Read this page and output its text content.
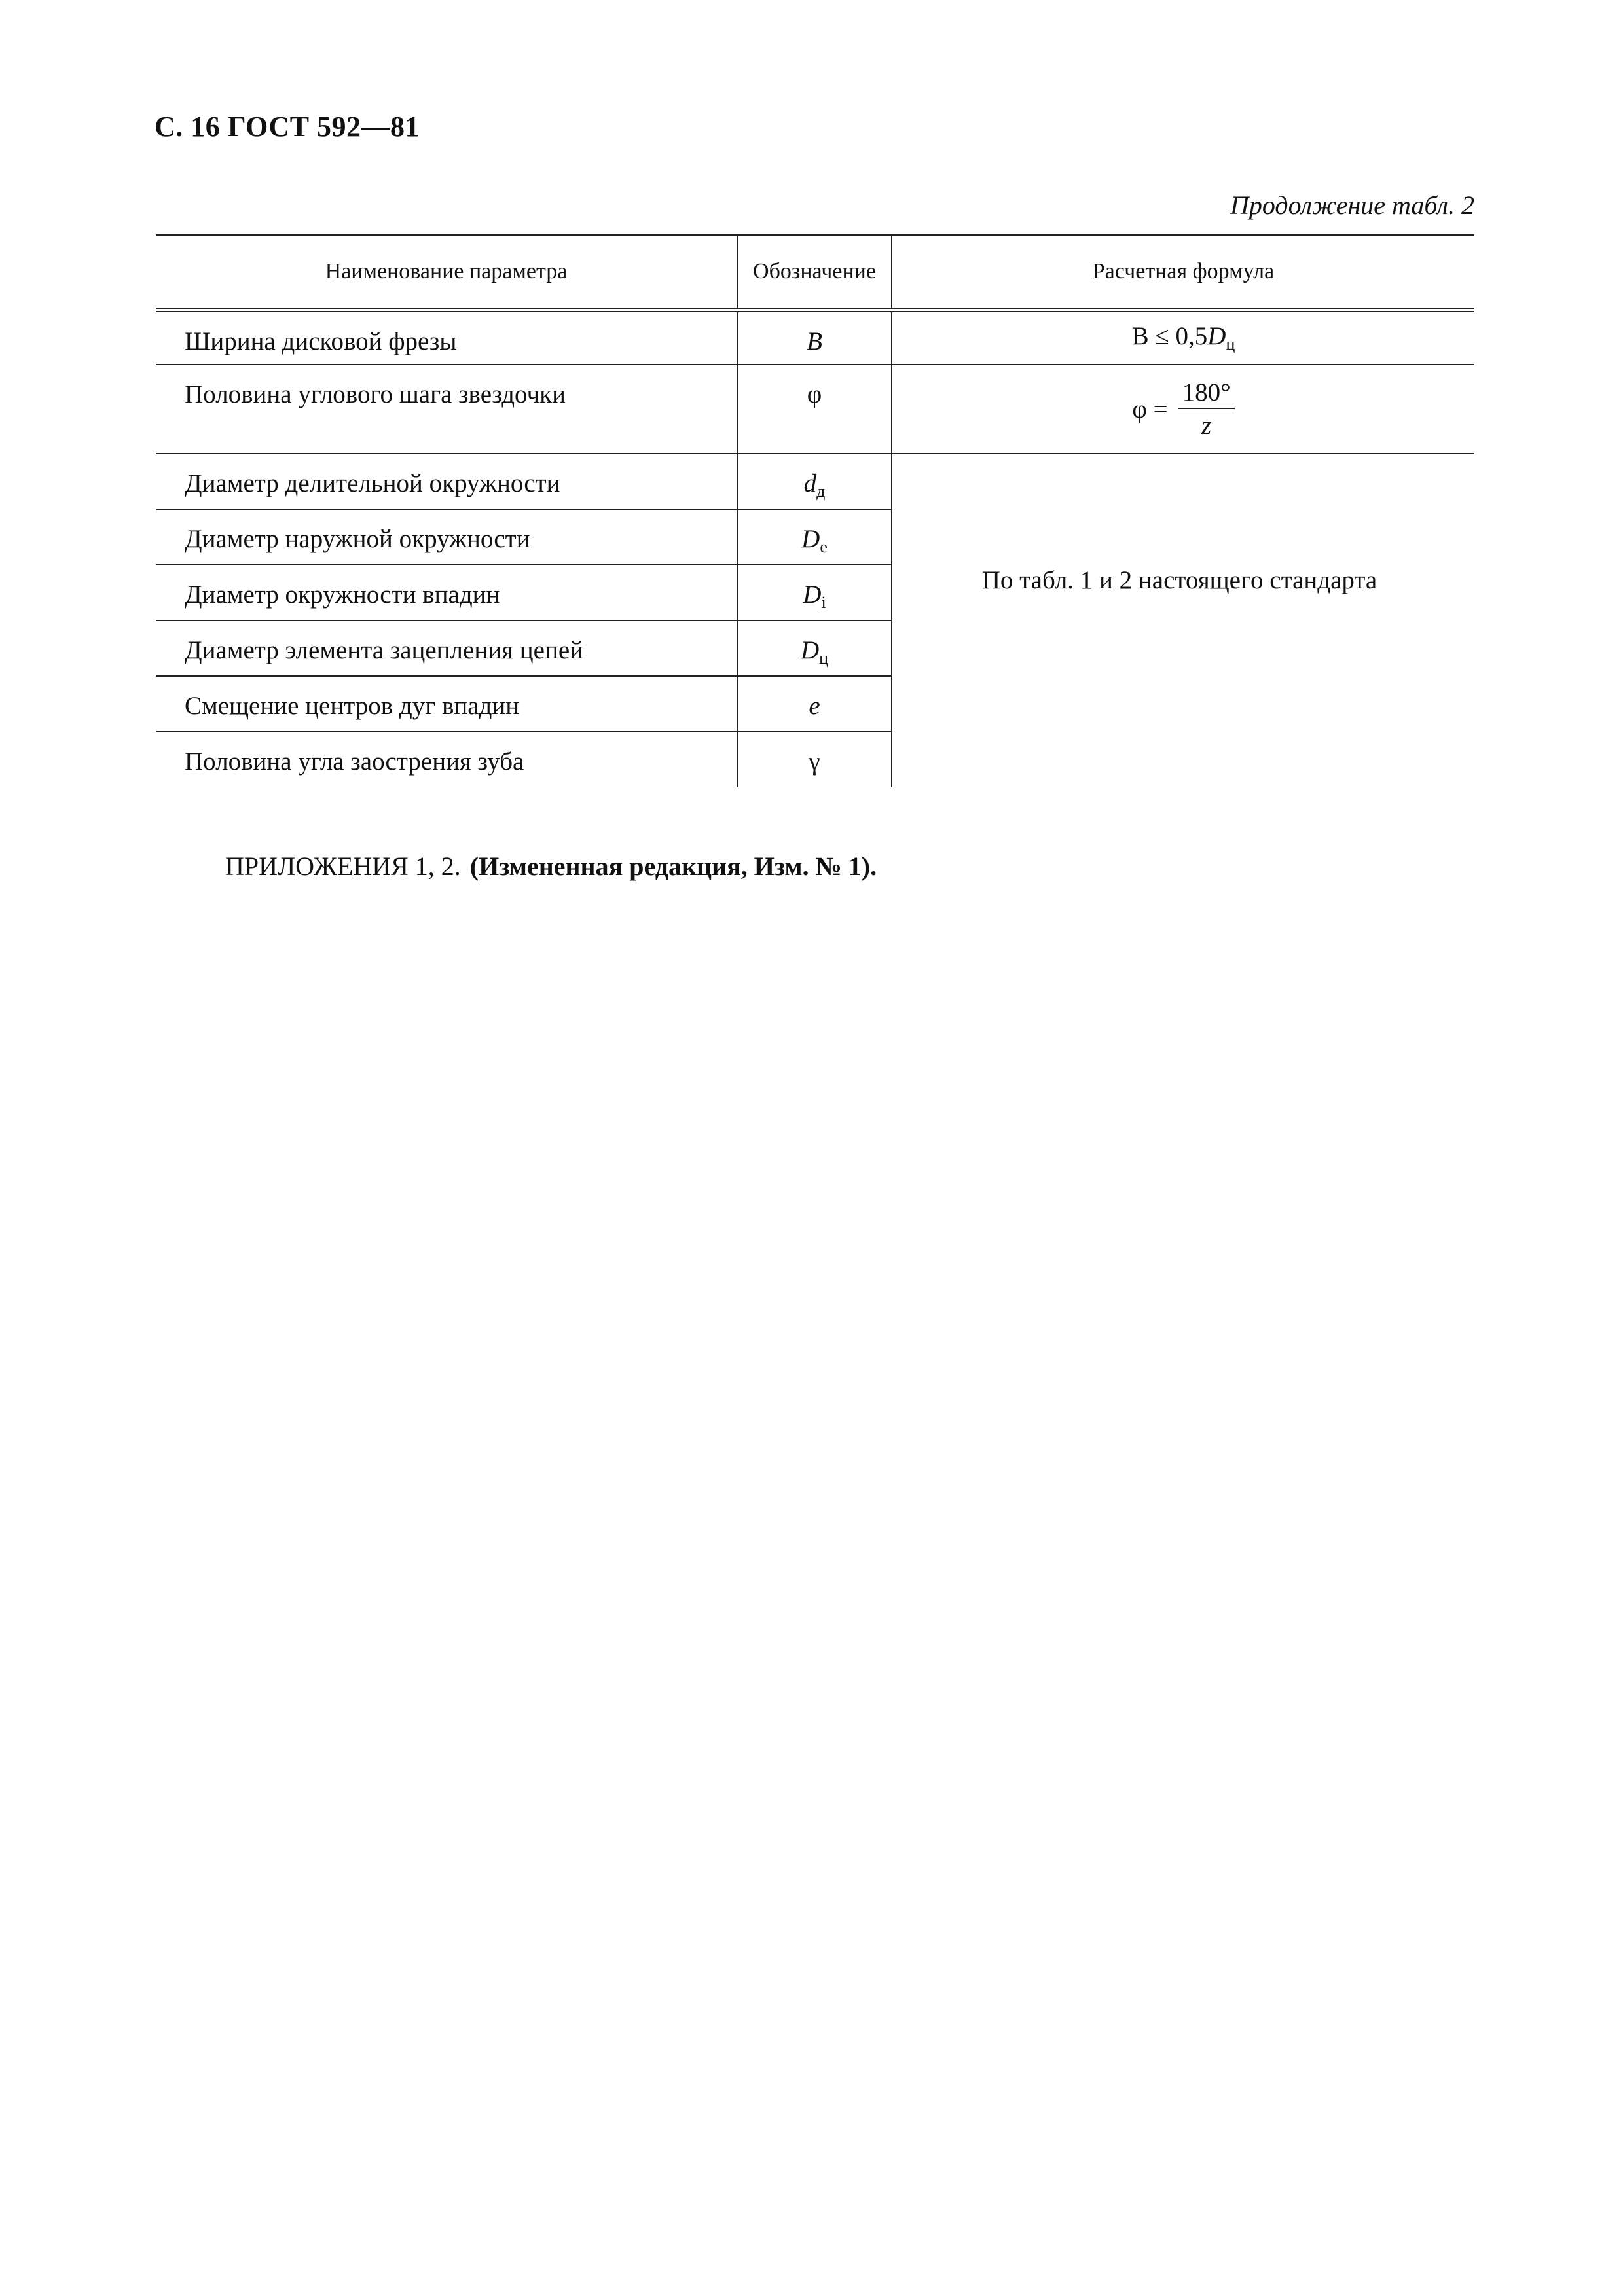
С. 16 ГОСТ 592—81
Продолжение табл. 2
Наименование параметра	Обозначение	Расчетная формула
Ширина дисковой фрезы	B	$B \le 0,5D_ц$
Половина углового шага звездочки	φ	$\varphi = \frac{180^\circ}{z}$

Диаметр делительной окружности	$d_д$	По табл. 1 и 2 настоящего стандарта

Диаметр наружной окружности	$D_e$
Диаметр окружности впадин	$D_i$
Диаметр элемента зацепления цепей	$D_ц$
Смещение центров дуг впадин	e	
Половина угла заострения зуба	γ	
ПРИЛОЖЕНИЯ 1, 2. (Измененная редакция, Изм. № 1).
